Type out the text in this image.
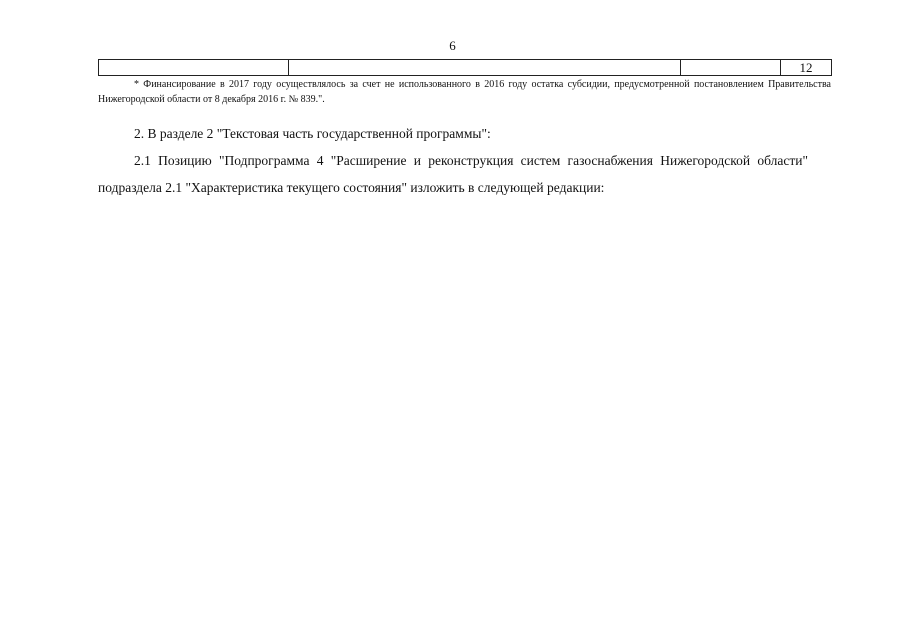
6
			12
* Финансирование в 2017 году осуществлялось за счет не использованного в 2016 году остатка субсидии, предусмотренной постановлением Правительства Нижегородской области от 8 декабря 2016 г. № 839.".

2. В разделе 2 "Текстовая часть государственной программы":

2.1 Позицию "Подпрограмма 4 "Расширение и реконструкция систем газоснабжения Нижегородской области" подраздела 2.1 "Характеристика текущего состояния" изложить в следующей редакции:
